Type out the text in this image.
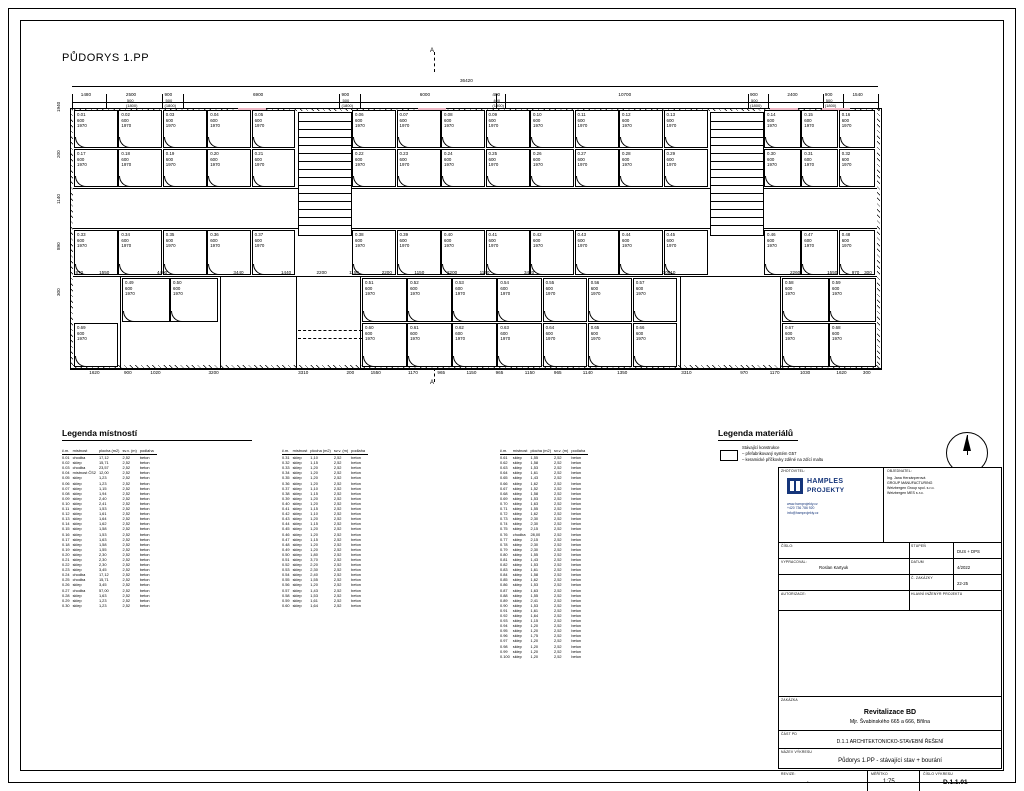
PŮDORYS 1.PP
A
A
36420
0.01
600
1970
0.02
600
1970
0.03
600
1970
0.04
600
1970
0.05
600
1970
0.06
600
1970
0.07
600
1970
0.08
600
1970
0.09
600
1970
0.10
600
1970
0.11
600
1970
0.12
600
1970
0.13
600
1970
0.14
600
1970
0.15
600
1970
0.16
600
1970
0.17
600
1970
0.18
600
1970
0.19
600
1970
0.20
600
1970
0.21
600
1970
0.22
600
1970
0.23
600
1970
0.24
600
1970
0.25
600
1970
0.26
600
1970
0.27
600
1970
0.28
600
1970
0.29
600
1970
0.30
600
1970
0.31
600
1970
0.32
600
1970
0.33
600
1970
0.34
600
1970
0.35
600
1970
0.36
600
1970
0.37
600
1970
0.38
600
1970
0.39
600
1970
0.40
600
1970
0.41
600
1970
0.42
600
1970
0.43
600
1970
0.44
600
1970
0.45
600
1970
0.46
600
1970
0.47
600
1970
0.48
600
1970
0.49
600
1970
0.50
600
1970
0.51
600
1970
0.52
600
1970
0.53
600
1970
0.54
600
1970
0.55
600
1970
0.56
600
1970
0.57
600
1970
0.58
600
1970
0.59
600
1970
0.60
600
1970
0.61
600
1970
0.62
600
1970
0.63
600
1970
0.64
600
1970
0.65
600
1970
0.66
600
1970
0.67
600
1970
0.68
600
1970
0.69
600
1970
1480	2500
500
(1800)
900
500
(1800)
6900	900
500
(1800)
6000	400
400
(1900)
10700	900
500
(1800)
2400	900
500
(1800)
1540
870	1550	4400	3440	1440	2200	1150	2200	1150	2200	1140	3420	10810	2260	1550	970 300
1620	900	1020	3200	3310	200	1550	1170	965	1150	965	1150	965	1140	1350	3310	970	1170	1030	1620	300
1940
200
1140
890
300
Legenda místností
č.m.	místnost	plocha (m2)	sv.v. (m)	podlaha
0.01	chodba	17,12	2,52	beton
0.02	sklep	15,71	2,52	beton
0.03	chodba	23,57	2,52	beton
0.04	místnost ČS2	12,00	2,52	beton
0.05	sklep	1,23	2,52	beton
0.06	sklep	1,23	2,52	beton
0.07	sklep	1,15	2,52	beton
0.08	sklep	1,94	2,52	beton
0.09	sklep	2,40	2,52	beton
0.10	sklep	2,41	2,52	beton
0.11	sklep	1,53	2,52	beton
0.12	sklep	1,61	2,52	beton
0.13	sklep	1,64	2,52	beton
0.14	sklep	1,62	2,52	beton
0.15	sklep	1,58	2,52	beton
0.16	sklep	1,53	2,52	beton
0.17	sklep	1,63	2,52	beton
0.18	sklep	1,58	2,52	beton
0.19	sklep	1,55	2,52	beton
0.20	sklep	2,30	2,52	beton
0.21	sklep	2,30	2,52	beton
0.22	sklep	2,30	2,52	beton
0.23	sklep	3,45	2,52	beton
0.24	chodba	17,12	2,52	beton
0.25	chodba	15,71	2,52	beton
0.26	sklep	3,45	2,52	beton
0.27	chodba	57,00	2,52	beton
0.28	sklep	1,63	2,52	beton
0.29	sklep	1,23	2,52	beton
0.30	sklep	1,23	2,52	beton
č.m.	místnost	plocha (m2)	sv.v. (m)	podlaha
0.31	sklep	1,10	2,52	beton
0.32	sklep	1,15	2,52	beton
0.33	sklep	1,20	2,52	beton
0.34	sklep	1,20	2,52	beton
0.35	sklep	1,20	2,52	beton
0.36	sklep	1,20	2,52	beton
0.37	sklep	1,10	2,52	beton
0.38	sklep	1,15	2,52	beton
0.39	sklep	1,20	2,52	beton
0.40	sklep	1,20	2,52	beton
0.41	sklep	1,15	2,52	beton
0.42	sklep	1,10	2,52	beton
0.43	sklep	1,20	2,52	beton
0.44	sklep	1,15	2,52	beton
0.45	sklep	1,20	2,52	beton
0.46	sklep	1,20	2,52	beton
0.47	sklep	1,15	2,52	beton
0.48	sklep	1,20	2,52	beton
0.49	sklep	1,20	2,52	beton
0.50	sklep	1,80	2,52	beton
0.51	sklep	3,70	2,52	beton
0.52	sklep	2,20	2,52	beton
0.53	sklep	2,30	2,52	beton
0.54	sklep	2,40	2,52	beton
0.55	sklep	1,55	2,52	beton
0.56	sklep	1,20	2,52	beton
0.57	sklep	1,43	2,52	beton
0.58	sklep	1,53	2,52	beton
0.59	sklep	1,61	2,52	beton
0.60	sklep	1,64	2,52	beton
č.m.	místnost	plocha (m2)	sv.v. (m)	podlaha
0.61	sklep	1,55	2,52	beton
0.62	sklep	1,58	2,52	beton
0.63	sklep	1,53	2,52	beton
0.64	sklep	1,61	2,52	beton
0.65	sklep	1,43	2,52	beton
0.66	sklep	1,62	2,52	beton
0.67	sklep	1,52	2,52	beton
0.68	sklep	1,58	2,52	beton
0.69	sklep	1,53	2,52	beton
0.70	sklep	1,63	2,52	beton
0.71	sklep	1,55	2,52	beton
0.72	sklep	1,62	2,52	beton
0.73	sklep	2,30	2,52	beton
0.74	sklep	2,30	2,52	beton
0.75	sklep	2,15	2,52	beton
0.76	chodba	28,00	2,52	beton
0.77	sklep	2,15	2,52	beton
0.78	sklep	2,30	2,52	beton
0.79	sklep	2,30	2,52	beton
0.80	sklep	1,55	2,52	beton
0.81	sklep	1,43	2,52	beton
0.82	sklep	1,53	2,52	beton
0.83	sklep	1,61	2,52	beton
0.84	sklep	1,58	2,52	beton
0.85	sklep	1,62	2,52	beton
0.86	sklep	1,53	2,52	beton
0.87	sklep	1,63	2,52	beton
0.88	sklep	1,55	2,52	beton
0.89	sklep	2,41	2,52	beton
0.90	sklep	1,53	2,52	beton
0.91	sklep	1,61	2,52	beton
0.92	sklep	1,64	2,52	beton
0.93	sklep	1,15	2,52	beton
0.94	sklep	1,20	2,52	beton
0.95	sklep	1,20	2,52	beton
0.96	sklep	1,75	2,52	beton
0.97	sklep	1,20	2,52	beton
0.98	sklep	1,20	2,52	beton
0.99	sklep	1,20	2,52	beton
0.100	sklep	1,20	2,52	beton
Legenda materiálů
Stávající konstrukce
– přefabrikovaný systém G57
– keramické příčkovky zděné na zdící maltu
ZHOTOVITEL:	OBJEDNATEL:
HAMPLES
PROJEKTY
www.hamprojekty.cz
+420 736 786 920
info@hamprojekty.cz
Ing. Jana Herzánperová
GROUP MANUFACTURING
Weizbergen Group spol. s.r.o.
Weizbergen MES s.r.o.
ČÍSLO:	STUPEŇ
DUS + DPS
VYPRACOVAL:
Roslan Kartyuk
DATUM
4/2022
Č. ZAKÁZKY
22-25
AUTORIZACE:	HLAVNÍ INŽENÝR PROJEKTU
ZAKÁZKA
Revitalizace BD
Mjr. Švabinského 665 a 666, Břilna
ČÁST PD
D.1.1 ARCHITEKTONICKO-STAVEBNÍ ŘEŠENÍ
NÁZEV VÝKRESU
Půdorys 1.PP - stávající stav + bourání
REVIZE:
-
MĚŘÍTKO
1:75
ČÍSLO VÝKRESU
D.1.1.01
